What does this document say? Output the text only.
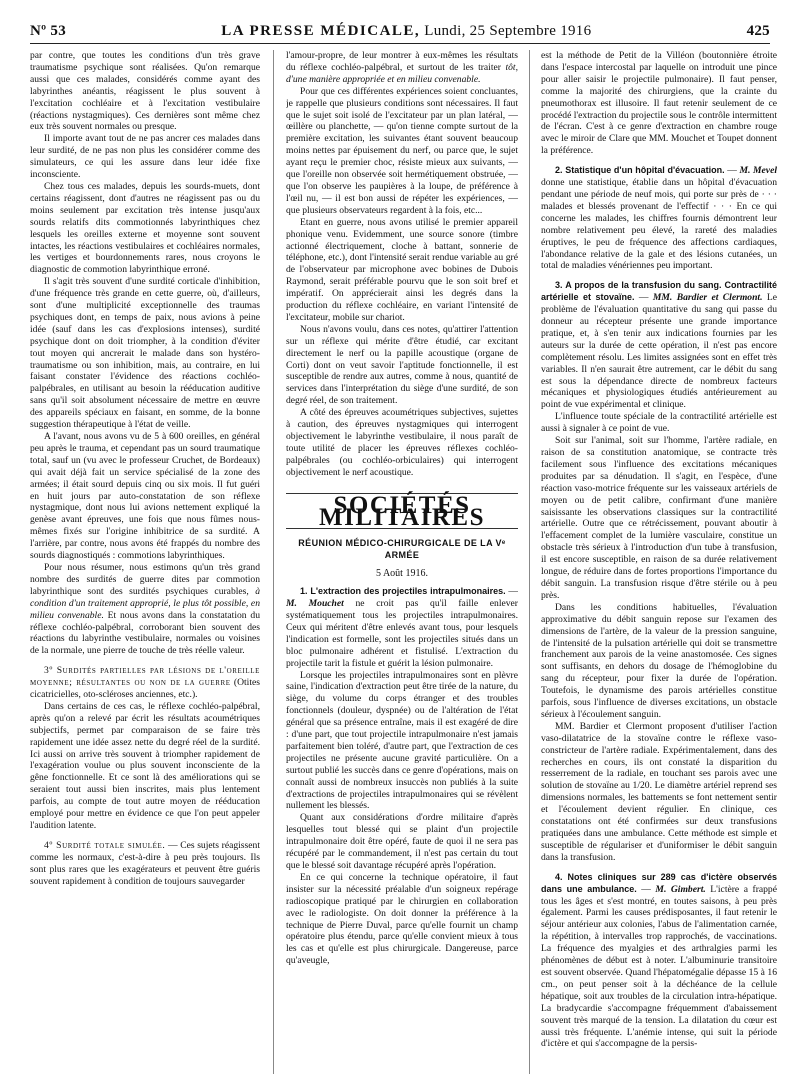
Nº 53	LA PRESSE MÉDICALE, Lundi, 25 Septembre 1916	425

par contre, que toutes les conditions d'un très grave traumatisme psychique sont réalisées. Qu'on remarque aussi que ces malades, considérés comme ayant des labyrinthes anéantis, réagissent le plus souvent à l'excitation cochléaire et à l'excitation vestibulaire (réactions nystagmiques). Ces dernières sont même chez eux très souvent normales ou presque.

Il importe avant tout de ne pas ancrer ces malades dans leur surdité, de ne pas non plus les considérer comme des simulateurs, ce qui les assure dans leur idée fixe inconsciente.

Chez tous ces malades, depuis les sourds-muets, dont certains réagissent, dont d'autres ne réagissent pas ou du moins seulement par excitation très intense jusqu'aux sourds relatifs dits commotionnés labyrinthiques chez lesquels les oreilles externe et moyenne sont souvent intactes, les réactions vestibulaires et cochléaires normales, les vertiges et bourdonnements rares, nous croyons le diagnostic de commotion labyrinthique erroné.

Il s'agit très souvent d'une surdité corticale d'inhibition, d'une fréquence très grande en cette guerre, où, d'ailleurs, sont d'une multiplicité exceptionnelle des traumas psychiques dont, en temps de paix, nous avions à peine idée (sauf dans les cas d'explosions intenses), surdité psychique dont on doit triompher, à la condition d'éviter tout moyen qui ancrerait le malade dans son hystéro-traumatisme ou son inhibition, mais, au contraire, en lui faisant constater l'évidence des réactions cochléo-palpébrales, en utilisant au besoin la rééducation auditive sans qu'il soit absolument nécessaire de mettre en œuvre des appareils spéciaux en faisant, en somme, de la bonne suggestion thérapeutique à l'état de veille.

A l'avant, nous avons vu de 5 à 600 oreilles, en général peu après le trauma, et cependant pas un sourd traumatique total, sauf un (vu avec le professeur Cruchet, de Bordeaux) qui avait déjà fait un service spécialisé de la zone des armées; il était sourd depuis cinq ou six mois. Il fut guéri en huit jours par auto-constatation de son réflexe nystagmique, dont nous lui avions nettement expliqué la genèse avant épreuves, une fois que nous fûmes nous-mêmes fixés sur l'origine inhibitrice de sa surdité. A l'arrière, par contre, nous avons été frappés du nombre des sourds diagnostiqués : commotions labyrinthiques.

Pour nous résumer, nous estimons qu'un très grand nombre des surdités de guerre dites par commotion labyrinthique sont des surdités psychiques curables, à condition d'un traitement approprié, le plus tôt possible, en milieu convenable. Et nous avons dans la constatation du réflexe cochléo-palpébral, corroborant bien souvent des réactions du labyrinthe vestibulaire, normales ou voisines de la normale, une pierre de touche de très réelle valeur.

3º Surdités partielles par lésions de l'oreille moyenne; résultantes ou non de la guerre (Otites cicatricielles, oto-scléroses anciennes, etc.).

Dans certains de ces cas, le réflexe cochléo-palpébral, après qu'on a relevé par écrit les résultats acoumétriques subjectifs, permet par comparaison de se faire très rapidement une idée assez nette du degré réel de la surdité. Ici aussi on arrive très souvent à triompher rapidement de l'exagération voulue ou plus souvent inconsciente de la gêne fonctionnelle. Et ce sont là des améliorations qui se seraient tout aussi bien inscrites, mais plus lentement parfois, au compte de tout autre moyen de rééducation employé pour mettre en évidence ce que l'on peut appeler l'audition latente.

4º Surdité totale simulée. — Ces sujets réagissent comme les normaux, c'est-à-dire à peu près toujours. Ils sont plus rares que les exagérateurs et peuvent être guéris souvent rapidement à condition de toujours sauvegarder

l'amour-propre, de leur montrer à eux-mêmes les résultats du réflexe cochléo-palpébral, et surtout de les traiter tôt, d'une manière appropriée et en milieu convenable.

Pour que ces différentes expériences soient concluantes, je rappelle que plusieurs conditions sont nécessaires. Il faut que le sujet soit isolé de l'excitateur par un plan latéral, — œillère ou planchette, — qu'on tienne compte surtout de la première excitation, les suivantes étant souvent beaucoup moins nettes par épuisement du nerf, ou parce que, le sujet ayant reçu le premier choc, résiste mieux aux suivants, — que l'oreille non observée soit hermétiquement obstruée, — que l'on observe les paupières à la loupe, de préférence à l'œil nu, — il est bon aussi de répéter les expériences, — que plusieurs observateurs regardent à la fois, etc...

Etant en guerre, nous avons utilisé le premier appareil phonique venu. Evidemment, une source sonore (timbre actionné électriquement, cloche à battant, sonnerie de téléphone, etc.), dont l'intensité serait rendue variable au gré de l'observateur par microphone avec bobines de Dubois Raymond, serait préférable pourvu que le son soit bref et impératif. On apprécierait ainsi les degrés dans la production du réflexe cochléaire, en variant l'intensité de l'excitateur, mobile sur chariot.

Nous n'avons voulu, dans ces notes, qu'attirer l'attention sur un réflexe qui mérite d'être étudié, car excitant directement le nerf ou la papille acoustique (organe de Corti) dont on veut savoir l'aptitude fonctionnelle, il est susceptible de rendre aux autres, comme à nous, quantité de services dans l'interprétation du siège d'une surdité, de son degré réel, de son traitement.

A côté des épreuves acoumétriques subjectives, sujettes à caution, des épreuves nystagmiques qui interrogent objectivement le labyrinthe vestibulaire, il nous paraît de toute utilité de placer les épreuves réflexes cochléo-palpébrales (ou cochléo-orbiculaires) qui interrogent objectivement le nerf acoustique.

SOCIÉTÉS MILITAIRES

RÉUNION MÉDICO-CHIRURGICALE DE LA Vᵉ ARMÉE

5 Août 1916.

1. L'extraction des projectiles intrapulmonaires. — M. Mouchet ne croit pas qu'il faille enlever systématiquement tous les projectiles intrapulmonaires. Ceux qui méritent d'être enlevés avant tous, pour lesquels l'indication est formelle, sont les projectiles situés dans un bloc pulmonaire adhérent et fistulisé. L'extraction du projectile tarit la fistule et guérit la lésion pulmonaire.

Lorsque les projectiles intrapulmonaires sont en plèvre saine, l'indication d'extraction peut être tirée de la nature, du siège, du volume du corps étranger et des troubles fonctionnels (douleur, dyspnée) ou de l'altération de l'état général que sa présence entraîne, mais il est exagéré de dire : d'une part, que tout projectile intrapulmonaire n'est jamais parfaitement bien toléré, d'autre part, que l'extraction de ces projectiles ne présente aucune gravité particulière. On a surtout publié les succès dans ce genre d'opérations, mais on connaît aussi de nombreux insuccès non publiés à la suite d'extractions de projectiles intrapulmonaires qui se révèlent nullement les blessés.

Quant aux considérations d'ordre militaire d'après lesquelles tout blessé qui se plaint d'un projectile intrapulmonaire doit être opéré, faute de quoi il ne sera pas récupéré par le commandement, il n'est pas certain du tout que le blessé soit davantage récupéré après l'opération.

En ce qui concerne la technique opératoire, il faut insister sur la nécessité préalable d'un soigneux repérage radioscopique pratiqué par le chirurgien en collaboration avec le radiologiste. On doit donner la préférence à la technique de Pierre Duval, parce qu'elle fournit un champ opératoire plus étendu, parce qu'elle convient mieux à tous les cas et qu'elle est plus chirurgicale. Dangereuse, parce qu'aveugle,

est la méthode de Petit de la Villéon (boutonnière étroite dans l'espace intercostal par laquelle on introduit une pince pour aller saisir le projectile pulmonaire). Il faut penser, comme la majorité des chirurgiens, que la crainte du pneumothorax est illusoire. Il faut retenir seulement de ce procédé l'extraction du projectile sous le contrôle intermittent de l'écran. C'est à ce genre d'extraction en chambre rouge avec le miroir de Clare que MM. Mouchet et Toupet donnent la préférence.

2. Statistique d'un hôpital d'évacuation. — M. Mevel donne une statistique, établie dans un hôpital d'évacuation pendant une période de neuf mois, qui porte sur près de · · · malades et blessés provenant de l'effectif · · · En ce qui concerne les malades, les chiffres fournis démontrent leur nombre relativement peu élevé, la rareté des maladies éruptives, le peu de fréquence des affections cardiaques, l'abondance relative de la gale et des lésions cutanées, un total de maladies vénériennes peu important.

3. A propos de la transfusion du sang. Contractilité artérielle et stovaïne. — MM. Bardier et Clermont. Le problème de l'évaluation quantitative du sang qui passe du donneur au récepteur présente une grande importance pratique, et, à s'en tenir aux indications fournies par les auteurs sur la durée de cette opération, il n'est pas encore complètement résolu. Les limites assignées sont en effet très variables. Il n'en saurait être autrement, car le débit du sang est sous la dépendance directe de nombreux facteurs mécaniques et physiologiques étudiés antérieurement au point de vue expérimental et clinique.

L'influence toute spéciale de la contractilité artérielle est aussi à signaler à ce point de vue.

Soit sur l'animal, soit sur l'homme, l'artère radiale, en raison de sa constitution anatomique, se contracte très facilement sous l'influence des excitations mécaniques produites par sa dénudation. Il s'agit, en l'espèce, d'une réaction vaso-motrice fréquente sur les vaisseaux artériels de moyen ou de petit calibre, confirmant d'une manière saisissante les observations classiques sur la contractilité artérielle. Outre que ce rétrécissement, pouvant aboutir à l'effacement complet de la lumière vasculaire, constitue un obstacle très sérieux à l'introduction d'un tube à transfusion, il est encore susceptible, en raison de sa durée relativement longue, de réduire dans de fortes proportions l'importance du débit sanguin. La transfusion risque d'être stérile ou à peu près.

Dans les conditions habituelles, l'évaluation approximative du débit sanguin repose sur l'examen des dimensions de l'artère, de la valeur de la pression sanguine, de l'intensité de la pulsation artérielle qui doit se transmettre franchement aux parois de la veine anastomosée. Ces signes sont suffisants, en dehors du dosage de l'hémoglobine du sang du récepteur, pour fixer la durée de l'opération. Toutefois, le dynamisme des parois artérielles constitue parfois, sous l'influence de diverses excitations, un obstacle sérieux à l'écoulement sanguin.

MM. Bardier et Clermont proposent d'utiliser l'action vaso-dilatatrice de la stovaïne contre le réflexe vaso-constricteur de l'artère radiale. Expérimentalement, dans des recherches en cours, ils ont constaté la disparition du resserrement de la radiale, en touchant ses parois avec une solution de stovaïne au 1/20. Le diamètre artériel reprend ses dimensions normales, les battements se font nettement sentir et l'écoulement devient régulier. En clinique, ces constatations ont été confirmées sur deux transfusions pratiquées dans une ambulance. Cette méthode est simple et susceptible de régulariser et d'uniformiser le débit sanguin dans la transfusion.

4. Notes cliniques sur 289 cas d'ictère observés dans une ambulance. — M. Gimbert. L'ictère a frappé tous les âges et s'est montré, en toutes saisons, à peu près également. Parmi les causes prédisposantes, il faut retenir le séjour antérieur aux colonies, l'abus de l'alimentation carnée, la répétition, à intervalles trop rapprochés, de vaccinations. La fréquence des myalgies et des arthralgies parmi les phénomènes de début est à noter. L'albuminurie transitoire est souvent observée. Quand l'hépatomégalie dépasse 15 à 16 cm., on peut penser soit à la déchéance de la cellule hépatique, soit aux troubles de la circulation intra-hépatique. La bradycardie s'accompagne fréquemment d'abaissement souvent très marqué de la tension. La dilatation du cœur est aussi très fréquente. L'anémie intense, qui suit la période d'ictère et qui s'accompagne de la persis-
